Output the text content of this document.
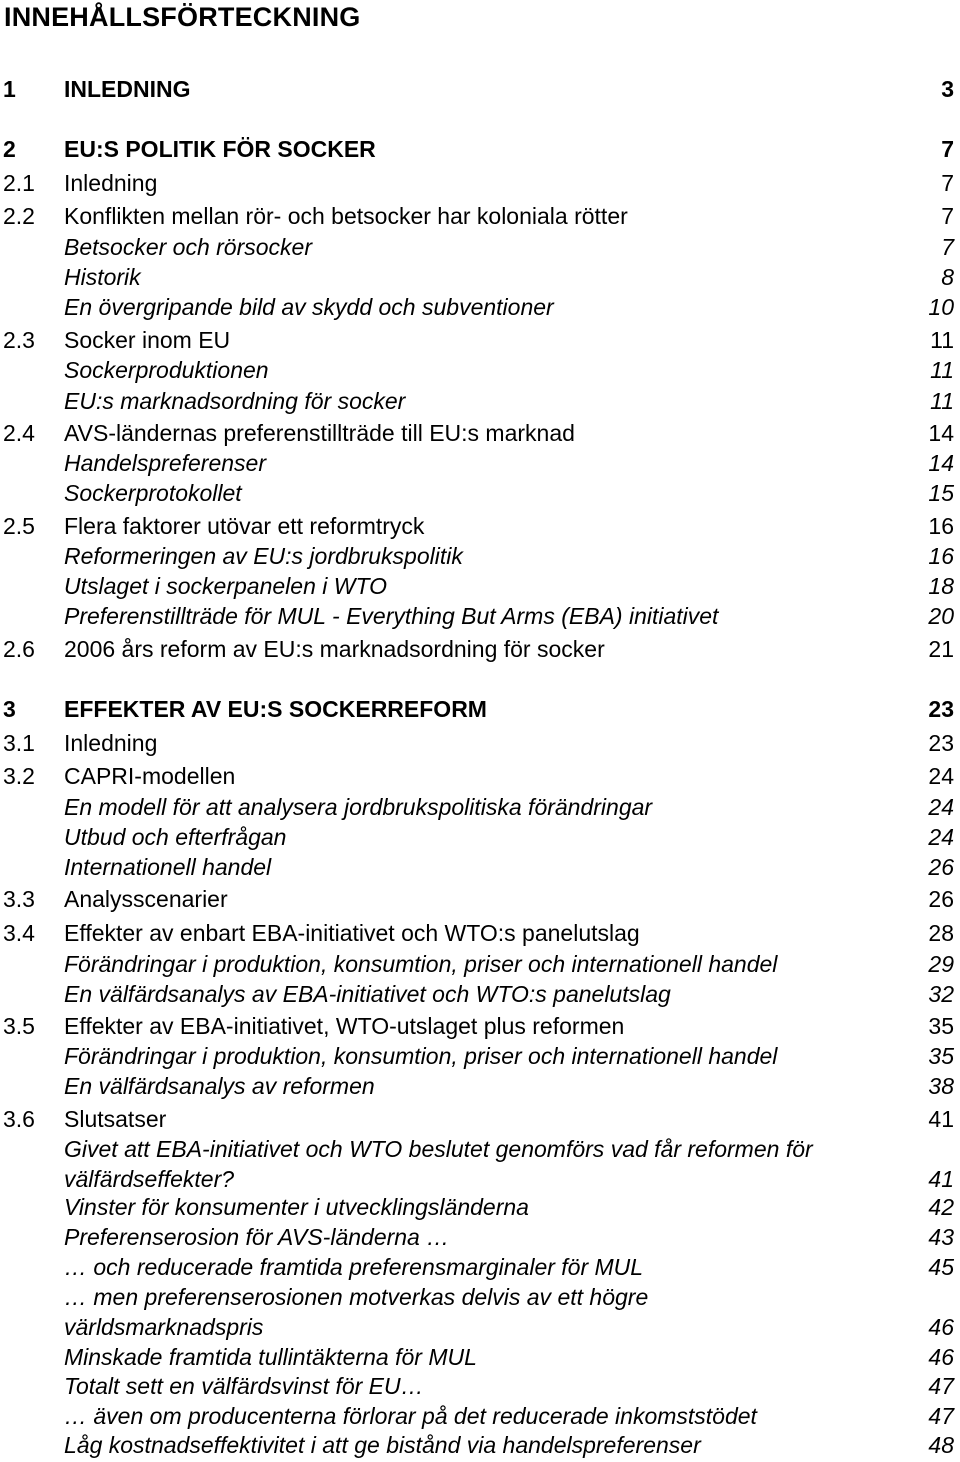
INNEHÅLLSFÖRTECKNING
1 INLEDNING	3
2 EU:S POLITIK FÖR SOCKER	7
2.1 Inledning	7
2.2 Konflikten mellan rör- och betsocker har koloniala rötter	7
Betsocker och rörsocker	7
Historik	8
En övergripande bild av skydd och subventioner	10
2.3 Socker inom EU	11
Sockerproduktionen	11
EU:s marknadsordning för socker	11
2.4 AVS-ländernas preferenstillträde till EU:s marknad	14
Handelspreferenser	14
Sockerprotokollet	15
2.5 Flera faktorer utövar ett reformtryck	16
Reformeringen av EU:s jordbrukspolitik	16
Utslaget i sockerpanelen i WTO	18
Preferenstillträde för MUL - Everything But Arms (EBA) initiativet	20
2.6 2006 års reform av EU:s marknadsordning för socker	21
3 EFFEKTER AV EU:S SOCKERREFORM	23
3.1 Inledning	23
3.2 CAPRI-modellen	24
En modell för att analysera jordbrukspolitiska förändringar	24
Utbud och efterfrågan	24
Internationell handel	26
3.3 Analysscenarier	26
3.4 Effekter av enbart EBA-initiativet och WTO:s panelutslag	28
Förändringar i produktion, konsumtion, priser och internationell handel	29
En välfärdsanalys av EBA-initiativet och WTO:s panelutslag	32
3.5 Effekter av EBA-initiativet, WTO-utslaget plus reformen	35
Förändringar i produktion, konsumtion, priser och internationell handel	35
En välfärdsanalys av reformen	38
3.6 Slutsatser	41
Givet att EBA-initiativet och WTO beslutet genomförs vad får reformen för
välfärdseffekter?	41
Vinster för konsumenter i utvecklingsländerna	42
Preferenserosion för AVS-länderna …	43
… och reducerade framtida preferensmarginaler för MUL	45
… men preferenserosionen motverkas delvis av ett högre
världsmarknadspris	46
Minskade framtida tullintäkterna för MUL	46
Totalt sett en välfärdsvinst för EU…	47
… även om producenterna förlorar på det reducerade inkomststödet	47
Låg kostnadseffektivitet i att ge bistånd via handelspreferenser	48
